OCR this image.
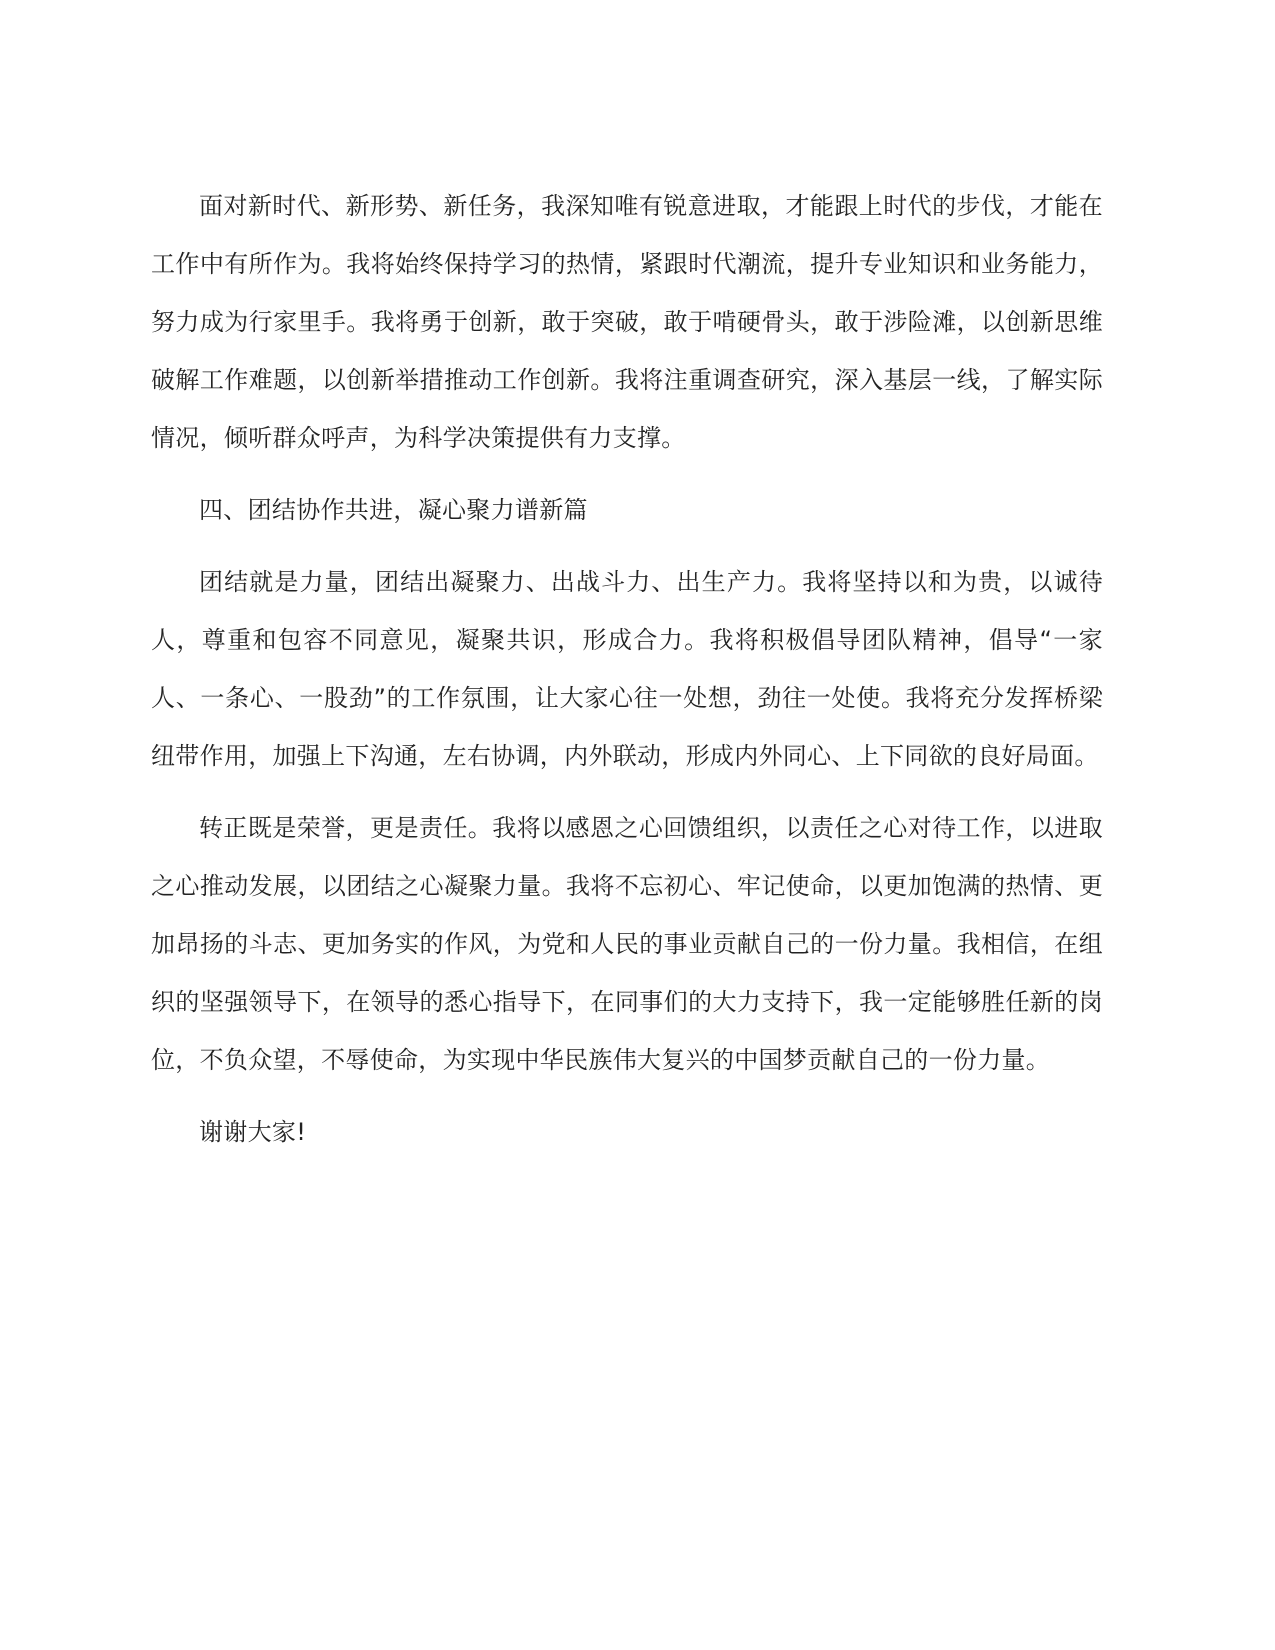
面对新时代、新形势、新任务，我深知唯有锐意进取，才能跟上时代的步伐，才能在工作中有所作为。我将始终保持学习的热情，紧跟时代潮流，提升专业知识和业务能力，努力成为行家里手。我将勇于创新，敢于突破，敢于啃硬骨头，敢于涉险滩，以创新思维破解工作难题，以创新举措推动工作创新。我将注重调查研究，深入基层一线，了解实际情况，倾听群众呼声，为科学决策提供有力支撑。

四、团结协作共进，凝心聚力谱新篇

团结就是力量，团结出凝聚力、出战斗力、出生产力。我将坚持以和为贵，以诚待人，尊重和包容不同意见，凝聚共识，形成合力。我将积极倡导团队精神，倡导“一家人、一条心、一股劲”的工作氛围，让大家心往一处想，劲往一处使。我将充分发挥桥梁纽带作用，加强上下沟通，左右协调，内外联动，形成内外同心、上下同欲的良好局面。

转正既是荣誉，更是责任。我将以感恩之心回馈组织，以责任之心对待工作，以进取之心推动发展，以团结之心凝聚力量。我将不忘初心、牢记使命，以更加饱满的热情、更加昂扬的斗志、更加务实的作风，为党和人民的事业贡献自己的一份力量。我相信，在组织的坚强领导下，在领导的悉心指导下，在同事们的大力支持下，我一定能够胜任新的岗位，不负众望，不辱使命，为实现中华民族伟大复兴的中国梦贡献自己的一份力量。

谢谢大家!
